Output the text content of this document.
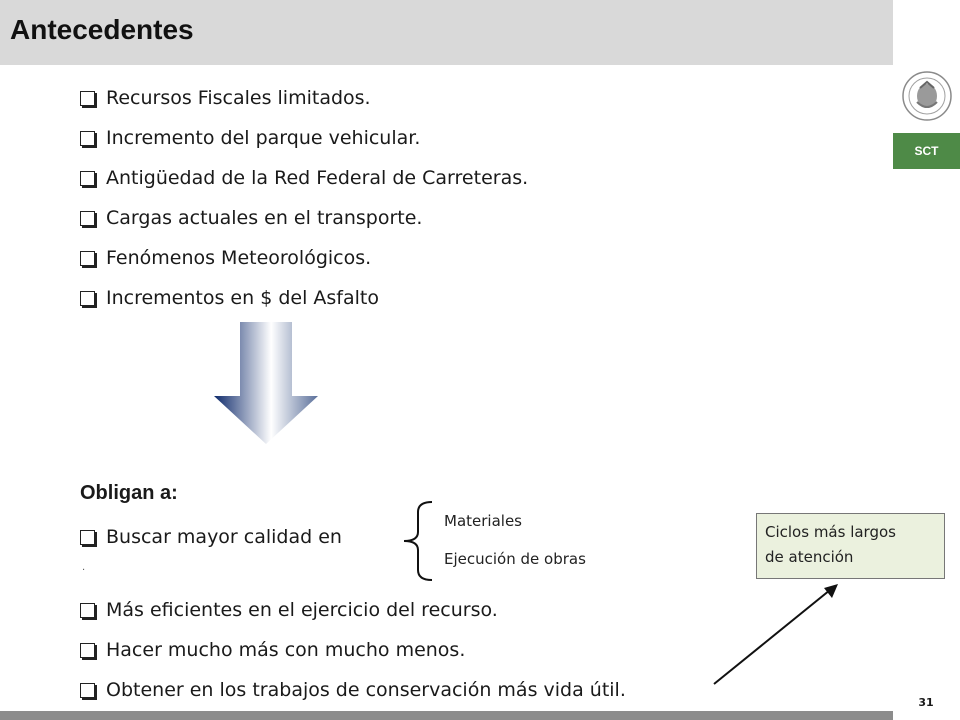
Antecedentes
SCT
Recursos Fiscales limitados.
Incremento del parque vehicular.
Antigüedad de la Red Federal de Carreteras.
Cargas actuales en el transporte.
Fenómenos Meteorológicos.
Incrementos en $ del Asfalto
Obligan a:
Buscar mayor calidad en
.
Materiales
Ejecución de obras
Más eficientes en el ejercicio del recurso.
Hacer mucho más con mucho menos.
Obtener en los trabajos de conservación más vida útil.
Ciclos más largos
de atención
31
